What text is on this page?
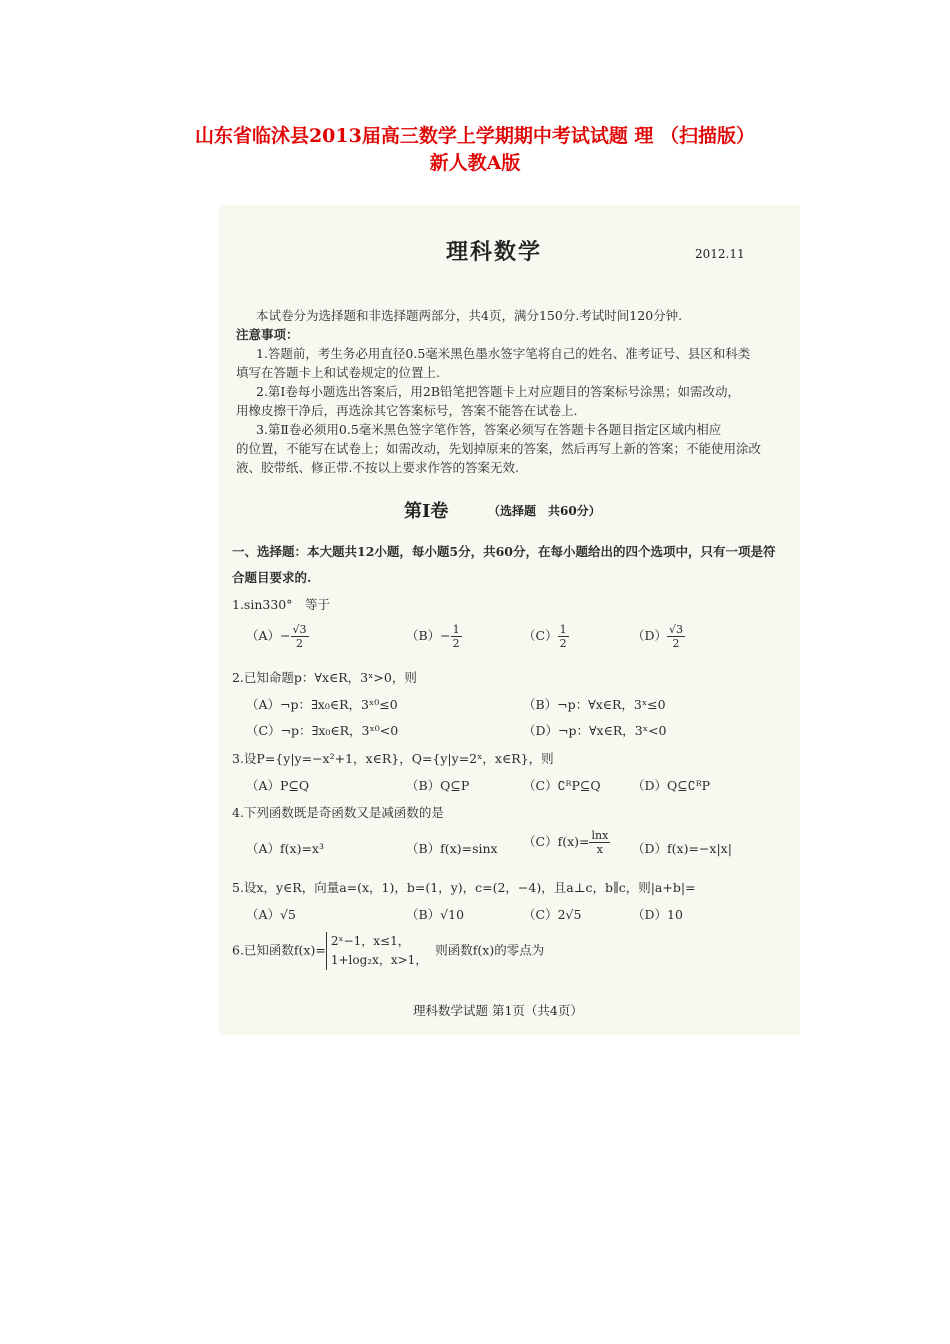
山东省临沭县2013届高三数学上学期期中考试试题 理 （扫描版）
新人教A版
理科数学	2012.11
本试卷分为选择题和非选择题两部分，共4页，满分150分.考试时间120分钟.
注意事项：
1.答题前，考生务必用直径0.5毫米黑色墨水签字笔将自己的姓名、准考证号、县区和科类
填写在答题卡上和试卷规定的位置上.
2.第Ⅰ卷每小题选出答案后，用2B铅笔把答题卡上对应题目的答案标号涂黑；如需改动，
用橡皮擦干净后，再选涂其它答案标号，答案不能答在试卷上.
3.第Ⅱ卷必须用0.5毫米黑色签字笔作答，答案必须写在答题卡各题目指定区域内相应
的位置，不能写在试卷上；如需改动，先划掉原来的答案，然后再写上新的答案；不能使用涂改
液、胶带纸、修正带.不按以上要求作答的答案无效.
第Ⅰ卷	（选择题　共60分）
一、选择题：本大题共12小题，每小题5分，共60分，在每小题给出的四个选项中，只有一项是符
合题目要求的.
1.sin330°　等于
$(A)- \frac{√3}{2}$	$(B)- \frac{1}{2}$	$(C) \frac{1}{2}$	$(D) \frac{√3}{2}$
2.已知命题p：∀x∈R，3ˣ>0，则
（A）¬p：∃x₀∈R，3ˣ⁰≤0	（B）¬p：∀x∈R，3ˣ≤0
（C）¬p：∃x₀∈R，3ˣ⁰<0	（D）¬p：∀x∈R，3ˣ<0
3.设P={y|y=−x²+1，x∈R}，Q={y|y=2ˣ，x∈R}，则
（A）P⊆Q	（B）Q⊆P	（C）∁ᴿP⊆Q	（D）Q⊆∁ᴿP
4.下列函数既是奇函数又是减函数的是
（A）f(x)=x³	（B）f(x)=sinx $(C)f(x)= \frac{\ln x}{x} (D)f(x)=-x|x|$
5.设x，y∈R，向量a=(x，1)，b=(1，y)，c=(2，−4)，且a⊥c，b∥c，则|a+b|=
（A）√5	（B）√10	（C）2√5	（D）10
6.已知函数f(x)=
2ˣ−1，x≤1，
1+log₂x，x>1，
则函数f(x)的零点为
理科数学试题 第1页（共4页）
